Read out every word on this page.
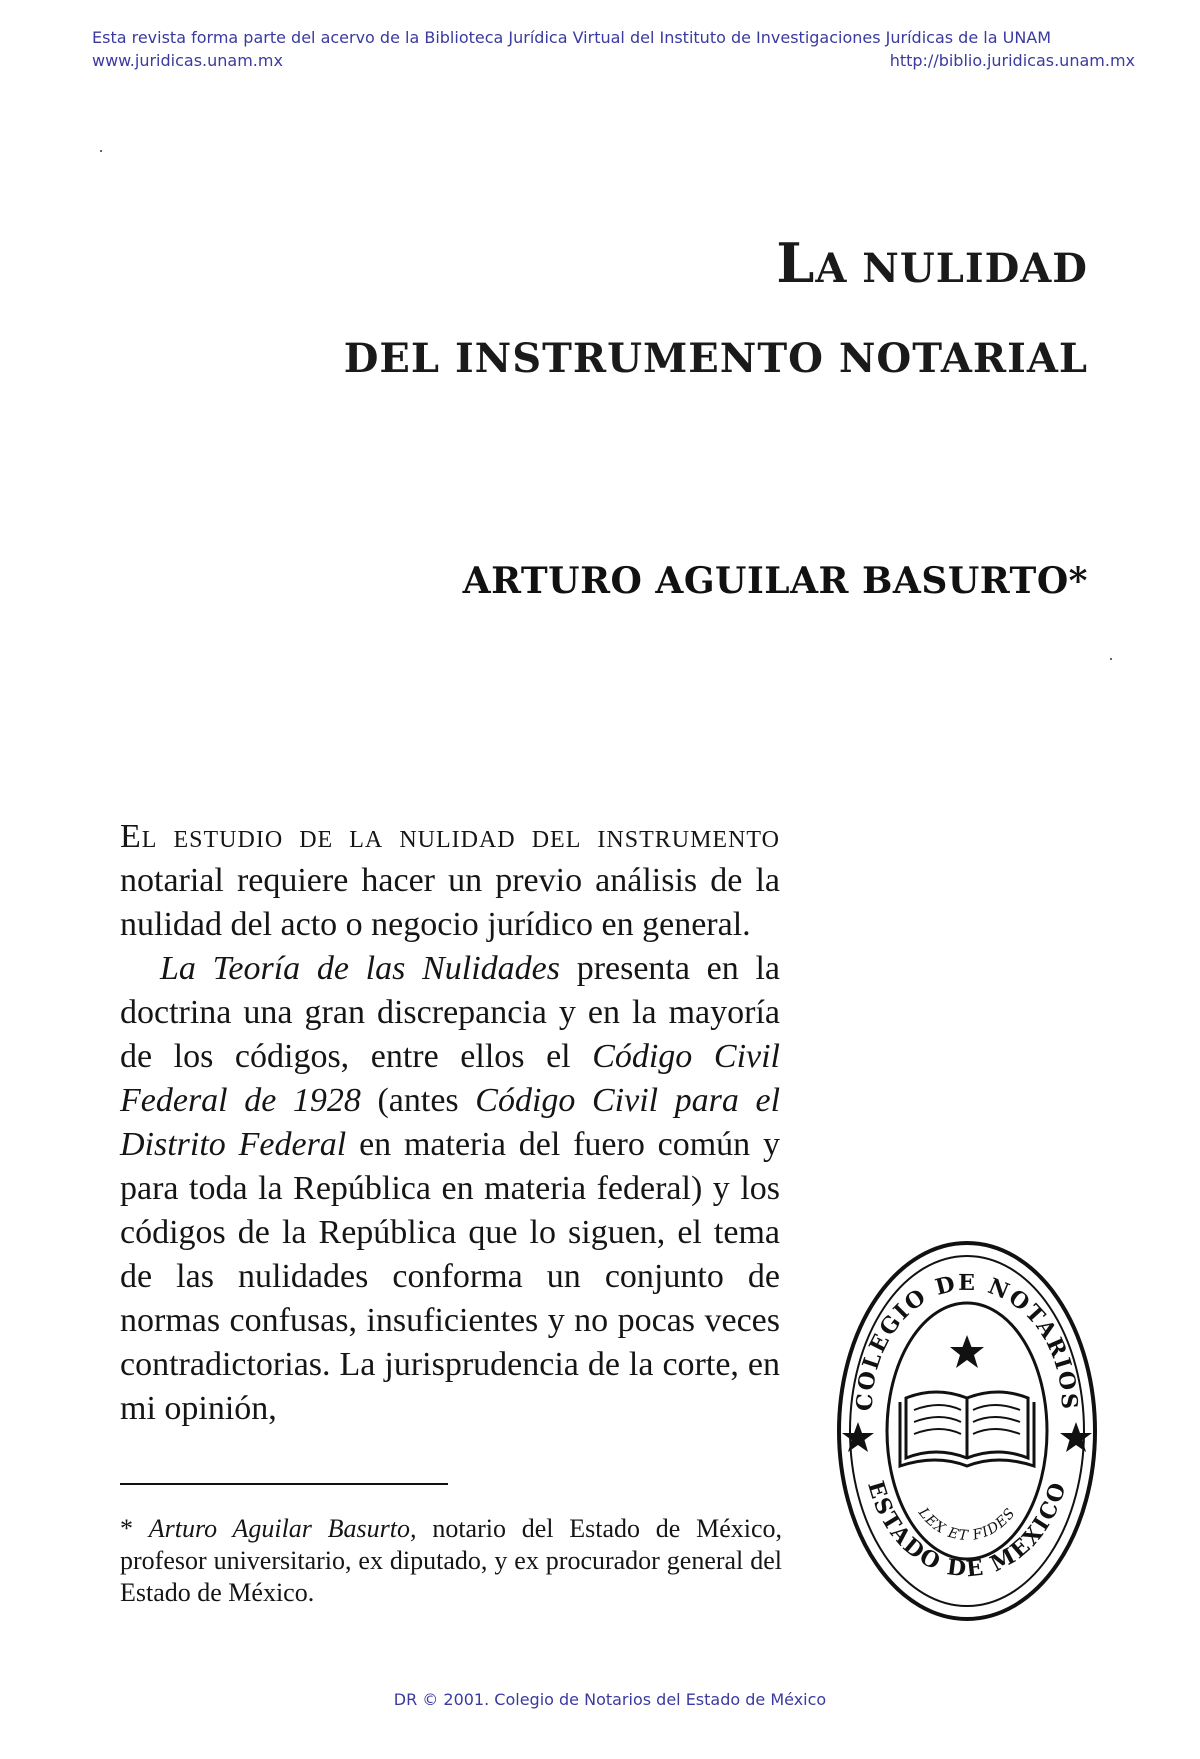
Esta revista forma parte del acervo de la Biblioteca Jurídica Virtual del Instituto de Investigaciones Jurídicas de la UNAM
www.juridicas.unam.mx	http://biblio.juridicas.unam.mx
LA NULIDAD
DEL INSTRUMENTO NOTARIAL
ARTURO AGUILAR BASURTO*

El estudio de la nulidad del instrumento notarial requiere hacer un previo análisis de la nulidad del acto o negocio jurídico en general.

La Teoría de las Nulidades presenta en la doctrina una gran discrepancia y en la mayoría de los códigos, entre ellos el Código Civil Federal de 1928 (antes Código Civil para el Distrito Federal en materia del fuero común y para toda la República en materia federal) y los códigos de la República que lo siguen, el tema de las nulidades conforma un conjunto de normas confusas, insuficientes y no pocas veces contradictorias. La jurisprudencia de la corte, en mi opinión,

* Arturo Aguilar Basurto, notario del Estado de México, profesor universitario, ex diputado, y ex procurador general del Estado de México.
COLEGIO DE NOTARIOS
ESTADO DE MEXICO
LEX ET FIDES
DR © 2001. Colegio de Notarios del Estado de México
